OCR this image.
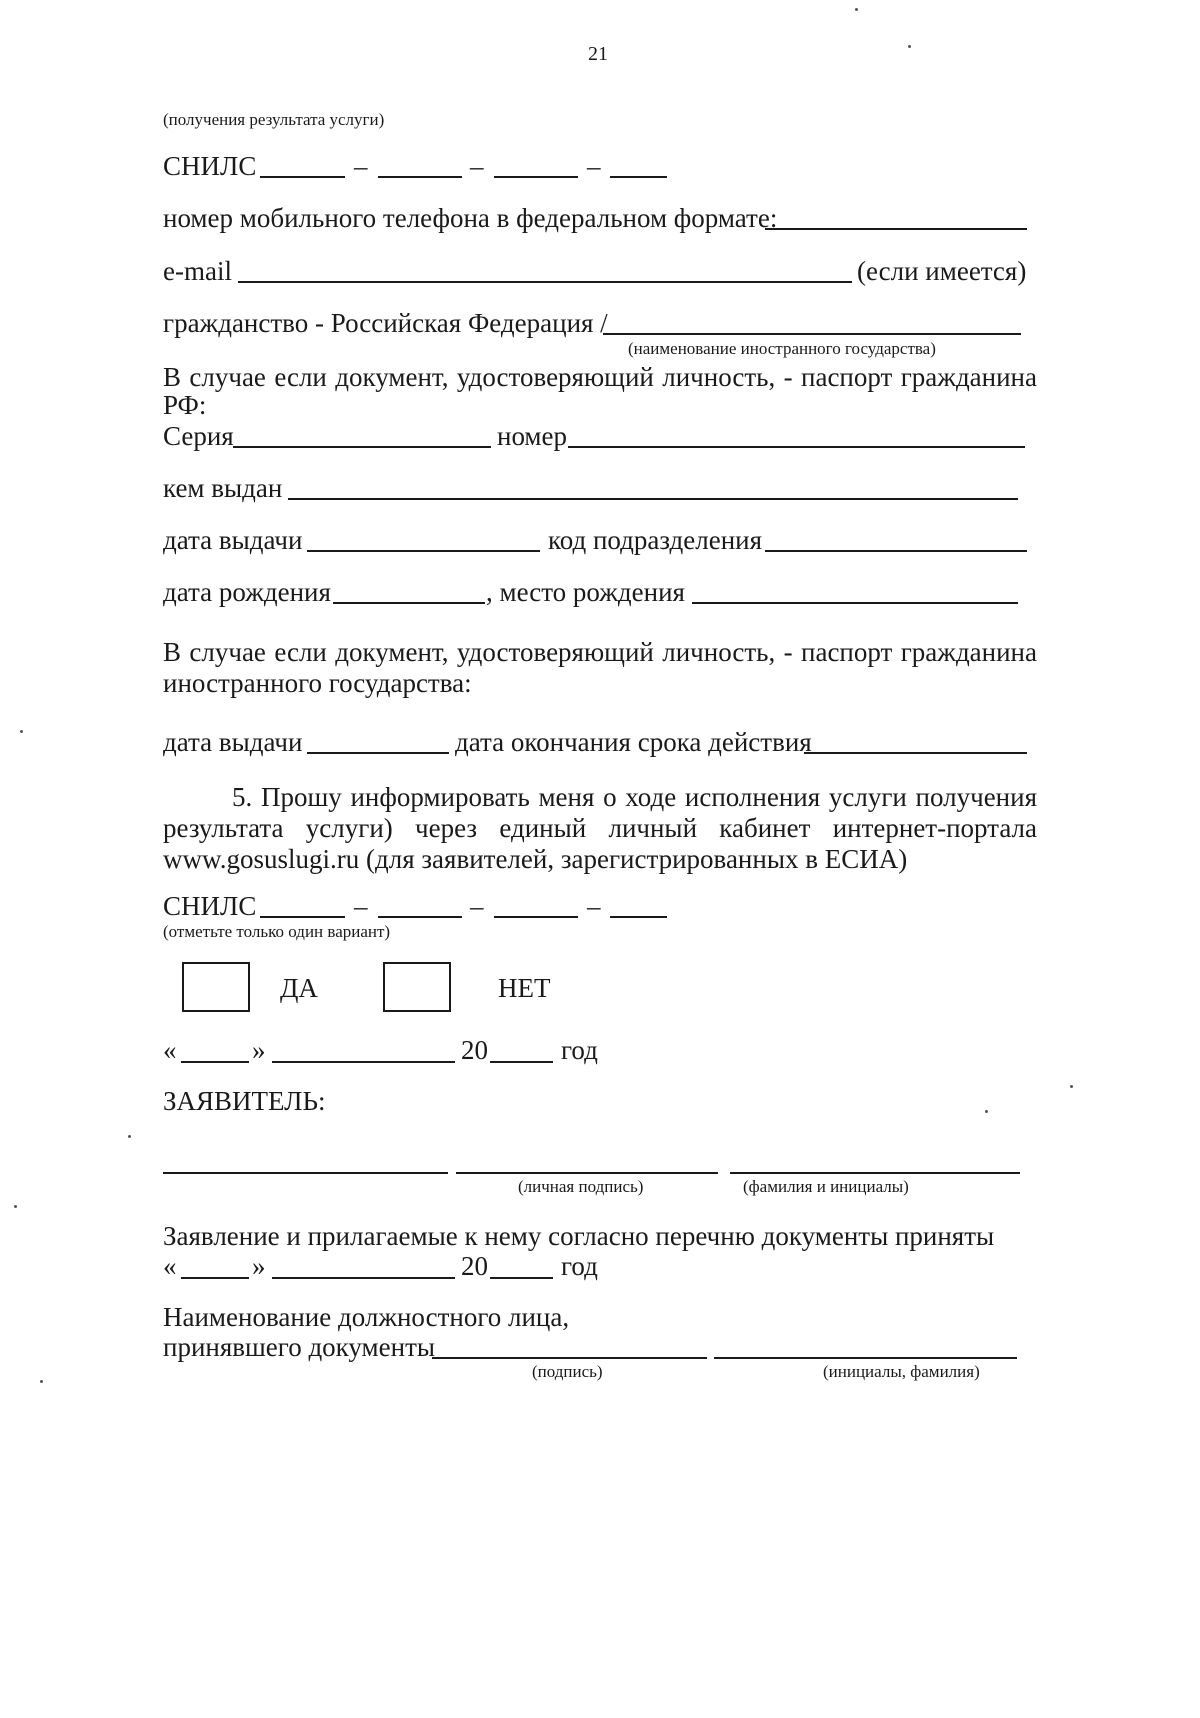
21
(получения результата услуги)
СНИЛС	–	–	–
номер мобильного телефона в федеральном формате:
e-mail	(если имеется)
гражданство - Российская Федерация /
(наименование иностранного государства)
В случае если документ, удостоверяющий личность, - паспорт гражданина
РФ:
Серия	номер
кем выдан
дата выдачи	код подразделения
дата рождения	, место рождения
В случае если документ, удостоверяющий личность, - паспорт гражданина
иностранного государства:
дата выдачи	дата окончания срока действия
5. Прошу информировать меня о ходе исполнения услуги получения
результата услуги) через единый личный кабинет интернет-портала
www.gosuslugi.ru (для заявителей, зарегистрированных в ЕСИА)
СНИЛС	–	–	–
(отметьте только один вариант)
ДА	НЕТ
«	»	20	год
ЗАЯВИТЕЛЬ:
(личная подпись)	(фамилия и инициалы)
Заявление и прилагаемые к нему согласно перечню документы приняты
«	»	20	год
Наименование должностного лица,
принявшего документы
(подпись)	(инициалы, фамилия)
